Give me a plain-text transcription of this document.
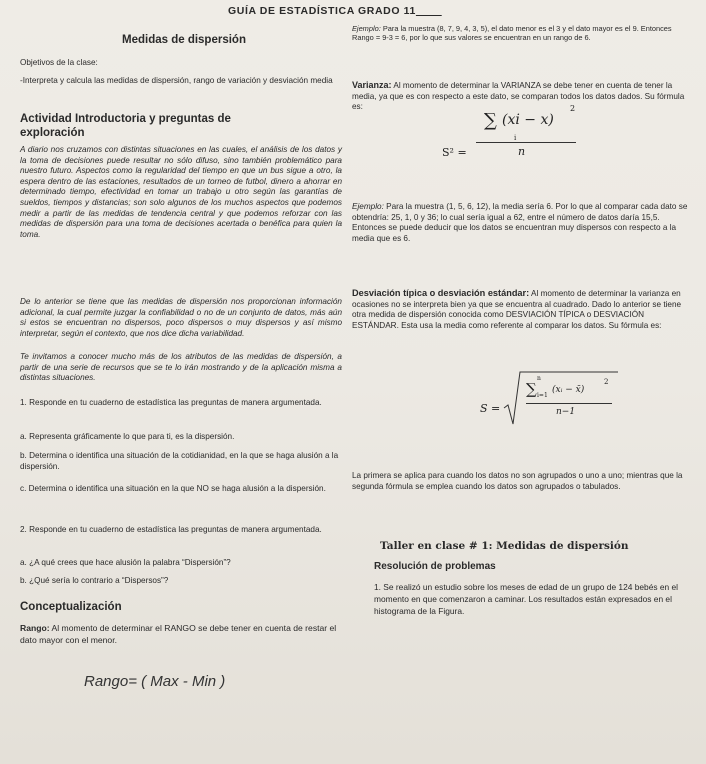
GUÍA DE ESTADÍSTICA GRADO 11____
Medidas de dispersión
Objetivos de la clase:
-Interpreta y calcula las medidas de dispersión, rango de variación y desviación media
Actividad Introductoria y preguntas de
exploración
A diario nos cruzamos con distintas situaciones en las cuales, el análisis de los datos y la toma de decisiones puede resultar no sólo difuso, sino también problemático para nuestro futuro. Aspectos como la regularidad del tiempo en que un bus sigue a otro, la espera dentro de las estaciones, resultados de un torneo de futbol, dinero a ahorrar en determinado tiempo, efectividad en tomar un trabajo u otro según las garantías de sueldos, tiempos y distancias; son solo algunos de los muchos aspectos que podemos medir a partir de las medidas de tendencia central y que podemos reforzar con las medidas de dispersión para una toma de decisiones acertada o benéfica para quien la toma.
De lo anterior se tiene que las medidas de dispersión nos proporcionan información adicional, la cual permite juzgar la confiabilidad o no de un conjunto de datos, más aún si estos se encuentran no dispersos, poco dispersos o muy dispersos y así mismo interpretar, según el contexto, que nos dice dicha variabilidad.
Te invitamos a conocer mucho más de los atributos de las medidas de dispersión, a partir de una serie de recursos que se te lo irán mostrando y de la aplicación misma a distintas situaciones.
1. Responde en tu cuaderno de estadística las preguntas de manera argumentada.
a. Representa gráficamente lo que para ti, es la dispersión.
b. Determina o identifica una situación de la cotidianidad, en la que se haga alusión a la dispersión.
c. Determina o identifica una situación en la que NO se haga alusión a la dispersión.
2. Responde en tu cuaderno de estadística las preguntas de manera argumentada.
a. ¿A qué crees que hace alusión la palabra “Dispersión”?
b. ¿Qué sería lo contrario a “Dispersos”?
Conceptualización
Rango: Al momento de determinar el RANGO se debe tener en cuenta de restar el dato mayor con el menor.
Rango= ( Max - Min )
Ejemplo: Para la muestra (8, 7, 9, 4, 3, 5), el dato menor es el 3 y el dato mayor es el 9. Entonces Rango = 9-3 = 6, por lo que sus valores se encuentran en un rango de 6.
Varianza: Al momento de determinar la VARIANZA se debe tener en cuenta de tener la media, ya que es con respecto a este dato, se comparan todos los datos dados. Su fórmula es:
S² =
∑ (xi − x)
2
i
n
Ejemplo: Para la muestra (1, 5, 6, 12), la media sería 6. Por lo que al comparar cada dato se obtendría: 25, 1, 0 y 36; lo cual sería igual a 62, entre el número de datos daría 15,5. Entonces se puede deducir que los datos se encuentran muy dispersos con respecto a la media que es 6.
Desviación típica o desviación estándar: Al momento de determinar la varianza en ocasiones no se interpreta bien ya que se encuentra al cuadrado. Dado lo anterior se tiene otra medida de dispersión conocida como DESVIACIÓN TÍPICA o DESVIACIÓN ESTÁNDAR. Esta usa la media como referente al comparar los datos. Su fórmula es:
S =
∑
n
i=1
(xᵢ − x̄)
2
n−1
La primera se aplica para cuando los datos no son agrupados o uno a uno; mientras que la segunda fórmula se emplea cuando los datos son agrupados o tabulados.
Taller en clase # 1: Medidas de dispersión
Resolución de problemas
1. Se realizó un estudio sobre los meses de edad de un grupo de 124 bebés en el momento en que comenzaron a caminar. Los resultados están expresados en el histograma de la Figura.
